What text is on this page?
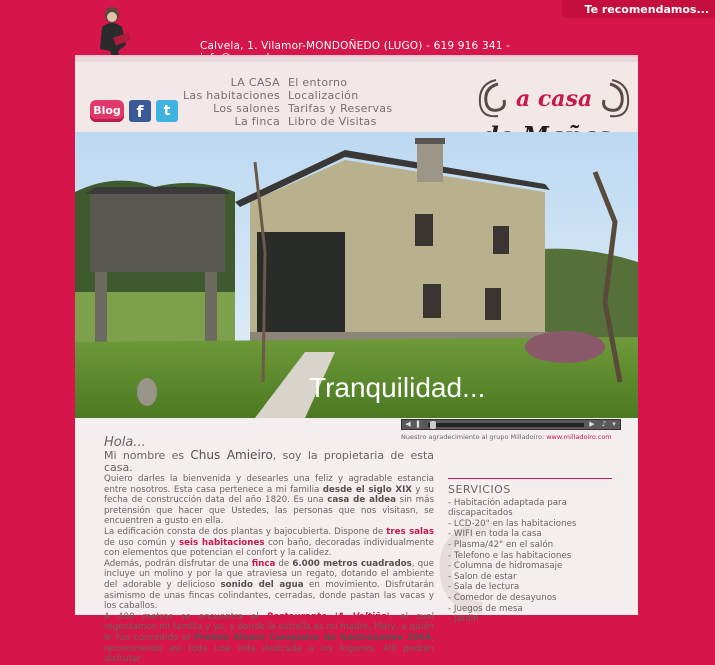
Te recomendamos...
Calvela, 1. Vilamor-MONDOÑEDO (LUGO) - 619 916 341 -
Blog f	t
LA CASA
Las habitaciones
Los salones
La finca
El entorno
Localización
Tarifas y Reservas
Libro de Visitas
a casa
Tranquilidad...
◀ ❚	▶ ♪ ▾
Nuestro agradecimiento al grupo Milladoiro: www.milladoiro.com
Hola...
Mi nombre es Chus Amieiro, soy la propietaria de esta casa.
Quiero darles la bienvenida y desearles una feliz y agradable estancia entre nosotros. Esta casa pertenece a mi familia desde el siglo XIX y su fecha de construcción data del año 1820. Es una casa de aldea sin más pretensión que hacer que Ustedes, las personas que nos visitasn, se encuentren a gusto en ella.
La edificación consta de dos plantas y bajocubierta. Dispone de tres salas de uso común y seis habitaciones con baño, decoradas individualmente con elementos que potencian el confort y la calidez.
Además, podrán disfrutar de una finca de 6.000 metros cuadrados, que incluye un molino y por la que atraviesa un regato, dotando el ambiente del adorable y delicioso sonido del agua en movimiento. Disfrutarán asimismo de unas fincas colindantes, cerradas, donde pastan las vacas y los caballos.
A 400 metros se encuentra el Restaurante 'A Voltiña', el cual regentamos mi familia y yo, y donde la estrella es mi madre, Mary, a quién le fue concedido el Premio Álvaro Cunqueiro de Gastronomía 2004, reconociendo así toda una vida dedicada a los fogones. Allí podrán disfrutar
SERVICIOS
- Habitación adaptada para
discapacitados
- LCD-20" en las habitaciones
- WIFI en toda la casa
- Plasma/42" en el salón
- Telefono e las habitaciones
- Columna de hidromasaje
- Salon de estar
- Sala de lectura
- Comedor de desayunos
- Juegos de mesa
- Jardin
